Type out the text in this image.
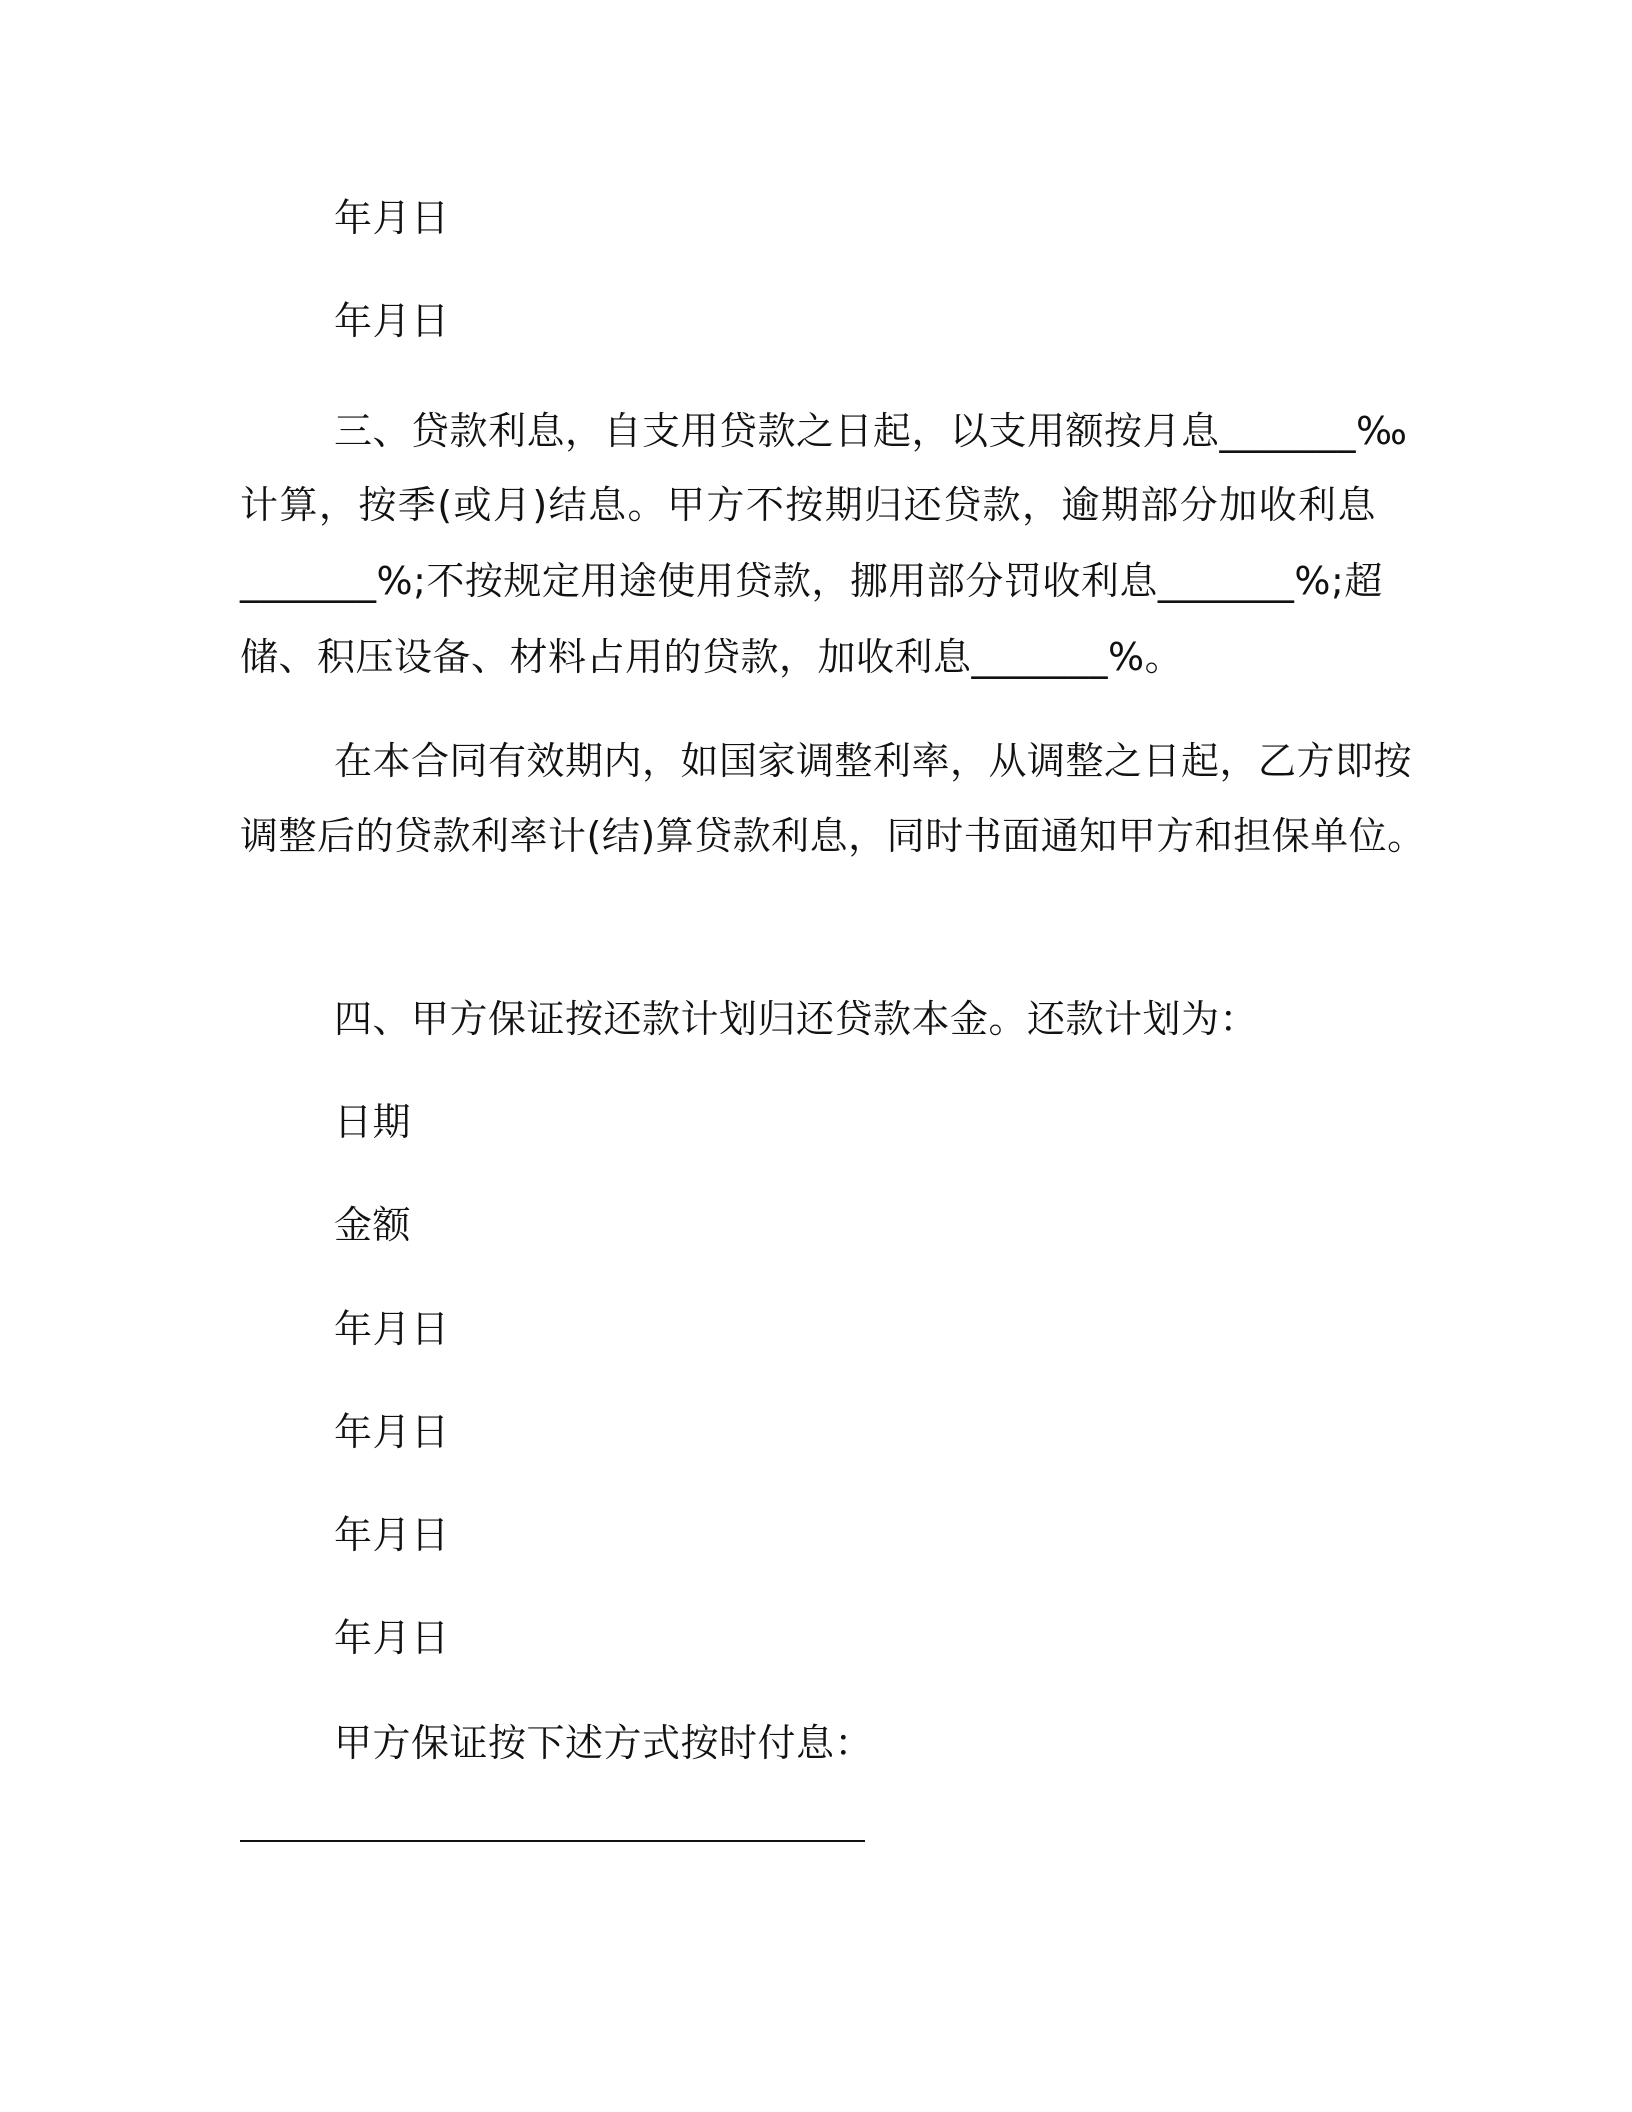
年月日
年月日
三、贷款利息，自支用贷款之日起，以支用额按月息_______‰
计算，按季(或月)结息。甲方不按期归还贷款，逾期部分加收利息
_______%;不按规定用途使用贷款，挪用部分罚收利息_______%;超
储、积压设备、材料占用的贷款，加收利息_______%。
在本合同有效期内，如国家调整利率，从调整之日起，乙方即按
调整后的贷款利率计(结)算贷款利息，同时书面通知甲方和担保单位。
四、甲方保证按还款计划归还贷款本金。还款计划为：
日期
金额
年月日
年月日
年月日
年月日
甲方保证按下述方式按时付息：
